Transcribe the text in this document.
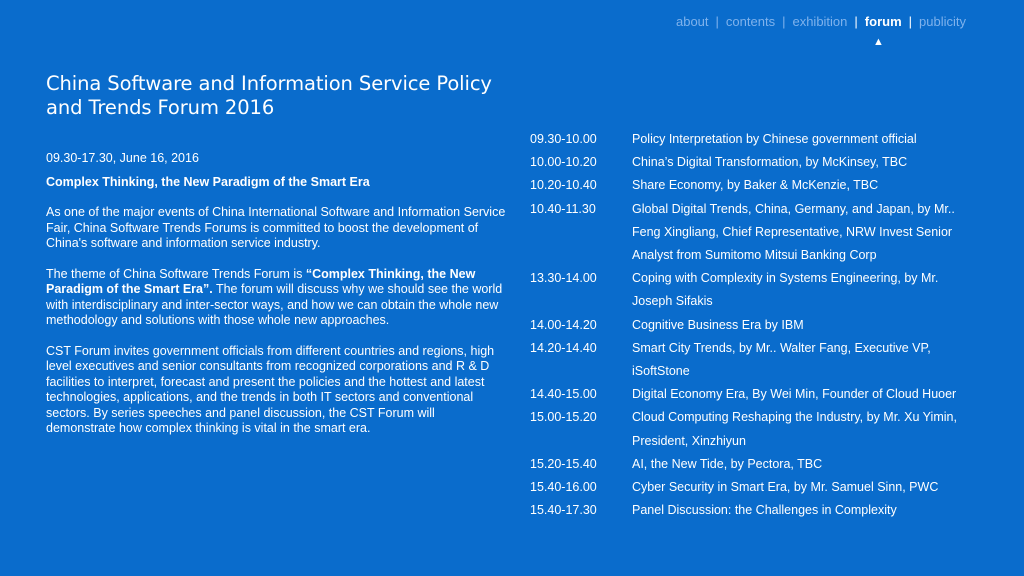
about | contents | exhibition | forum | publicity
▲
China Software and Information Service Policy
and Trends Forum 2016
09.30-17.30, June 16, 2016
Complex Thinking, the New Paradigm of the Smart Era

As one of the major events of China International Software and Information Service Fair, China Software Trends Forums is committed to boost the development of China's software and information service industry.

The theme of China Software Trends Forum is “Complex Thinking, the New Paradigm of the Smart Era”. The forum will discuss why we should see the world with interdisciplinary and inter-sector ways, and how we can obtain the whole new methodology and solutions with those whole new approaches.

CST Forum invites government officials from different countries and regions, high level executives and senior consultants from recognized corporations and R & D facilities to interpret, forecast and present the policies and the hottest and latest technologies, applications, and the trends in both IT sectors and conventional sectors. By series speeches and panel discussion, the CST Forum will demonstrate how complex thinking is vital in the smart era.

09.30-10.00	Policy Interpretation by Chinese government official
10.00-10.20	China’s Digital Transformation, by McKinsey, TBC
10.20-10.40	Share Economy, by Baker & McKenzie, TBC
10.40-11.30	Global Digital Trends, China, Germany, and Japan, by Mr.. Feng Xingliang, Chief Representative, NRW Invest Senior Analyst from Sumitomo Mitsui Banking Corp
13.30-14.00	Coping with Complexity in Systems Engineering, by Mr. Joseph Sifakis
14.00-14.20	Cognitive Business Era by IBM
14.20-14.40	Smart City Trends, by Mr.. Walter Fang, Executive VP, iSoftStone
14.40-15.00	Digital Economy Era, By Wei Min, Founder of Cloud Huoer
15.00-15.20	Cloud Computing Reshaping the Industry, by Mr. Xu Yimin, President, Xinzhiyun
15.20-15.40	AI, the New Tide, by Pectora, TBC
15.40-16.00	Cyber Security in Smart Era, by Mr. Samuel Sinn, PWC
15.40-17.30	Panel Discussion: the Challenges in Complexity
